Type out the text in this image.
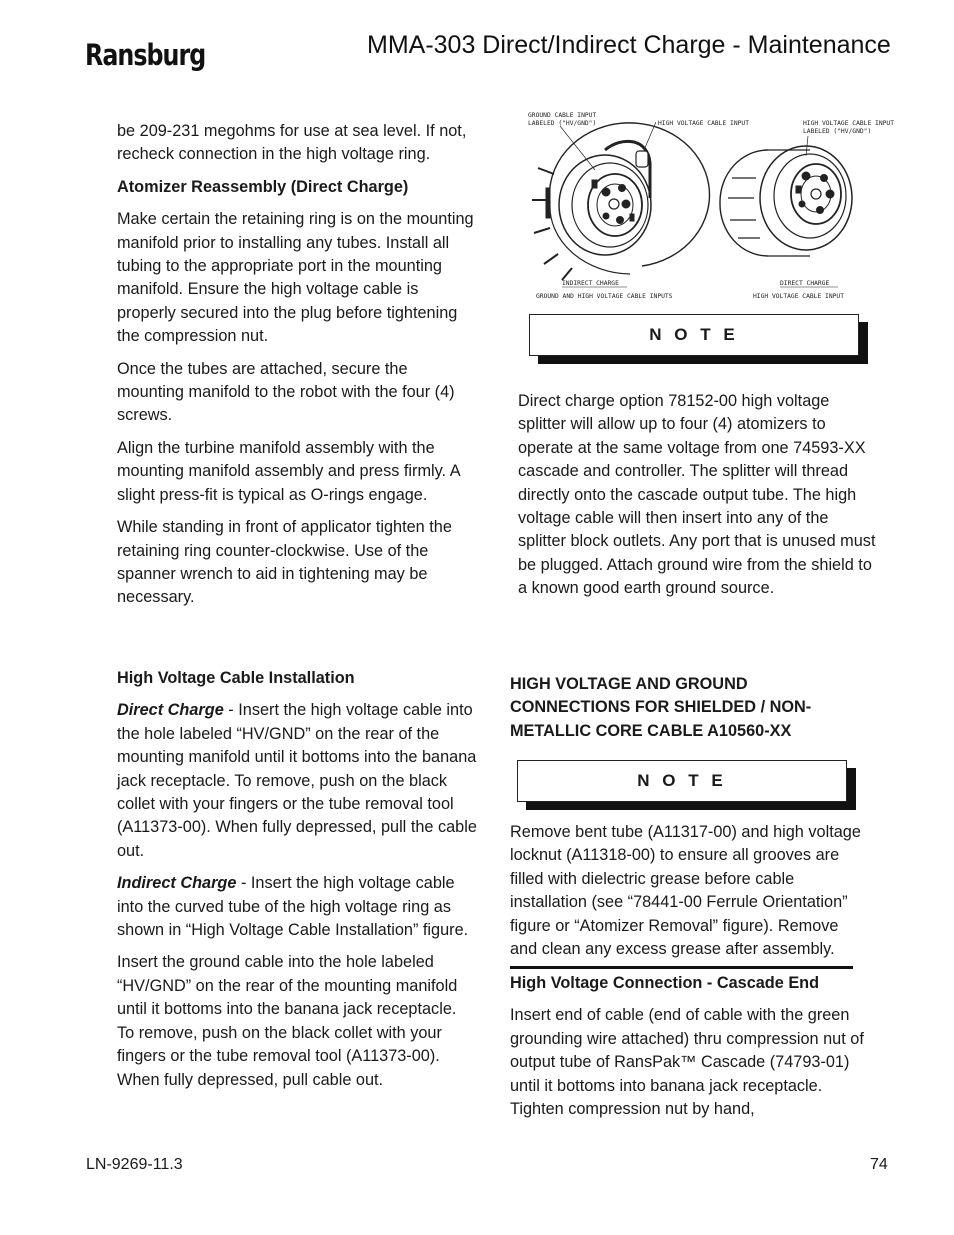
Ransburg	MMA-303 Direct/Indirect Charge - Maintenance

be 209-231 megohms for use at sea level. If not, recheck connection in the high voltage ring.

Atomizer Reassembly (Direct Charge)

Make certain the retaining ring is on the mounting manifold prior to installing any tubes. Install all tubing to the appropriate port in the mounting manifold. Ensure the high voltage cable is properly secured into the plug before tightening the compression nut.

Once the tubes are attached, secure the mounting manifold to the robot with the four (4) screws.

Align the turbine manifold assembly with the mounting manifold assembly and press firmly. A slight press-fit is typical as O-rings engage.

While standing in front of applicator tighten the retaining ring counter-clockwise. Use of the spanner wrench to aid in tightening may be necessary.

High Voltage Cable Installation

Direct Charge - Insert the high voltage cable into the hole labeled “HV/GND” on the rear of the mounting manifold until it bottoms into the banana jack receptacle. To remove, push on the black collet with your fingers or the tube removal tool (A11373-00). When fully depressed, pull the cable out.

Indirect Charge - Insert the high voltage cable into the curved tube of the high voltage ring as shown in “High Voltage Cable Installation” figure.

Insert the ground cable into the hole labeled “HV/GND” on the rear of the mounting manifold until it bottoms into the banana jack receptacle. To remove, push on the black collet with your fingers or the tube removal tool (A11373-00). When fully depressed, pull cable out.

GROUND CABLE INPUT
LABELED ("HV/GND")	HIGH VOLTAGE CABLE INPUT	HIGH VOLTAGE CABLE INPUT
LABELED ("HV/GND")
INDIRECT CHARGE
GROUND AND HIGH VOLTAGE CABLE INPUTS
DIRECT CHARGE
HIGH VOLTAGE CABLE INPUT
N O T E

Direct charge option 78152-00 high voltage splitter will allow up to four (4) atomizers to operate at the same voltage from one 74593-XX cascade and controller. The splitter will thread directly onto the cascade output tube. The high voltage cable will then insert into any of the splitter block outlets. Any port that is unused must be plugged. Attach ground wire from the shield to a known good earth ground source.

HIGH VOLTAGE AND GROUND CONNECTIONS FOR SHIELDED / NON-METALLIC CORE CABLE A10560-XX
N O T E

Remove bent tube (A11317-00) and high voltage locknut (A11318-00) to ensure all grooves are filled with dielectric grease before cable installation (see “78441-00 Ferrule Orientation” figure or “Atomizer Removal” figure). Remove and clean any excess grease after assembly.

High Voltage Connection - Cascade End

Insert end of cable (end of cable with the green grounding wire attached) thru compression nut of output tube of RansPak™ Cascade (74793-01) until it bottoms into banana jack receptacle. Tighten compression nut by hand,

LN-9269-11.3	74
